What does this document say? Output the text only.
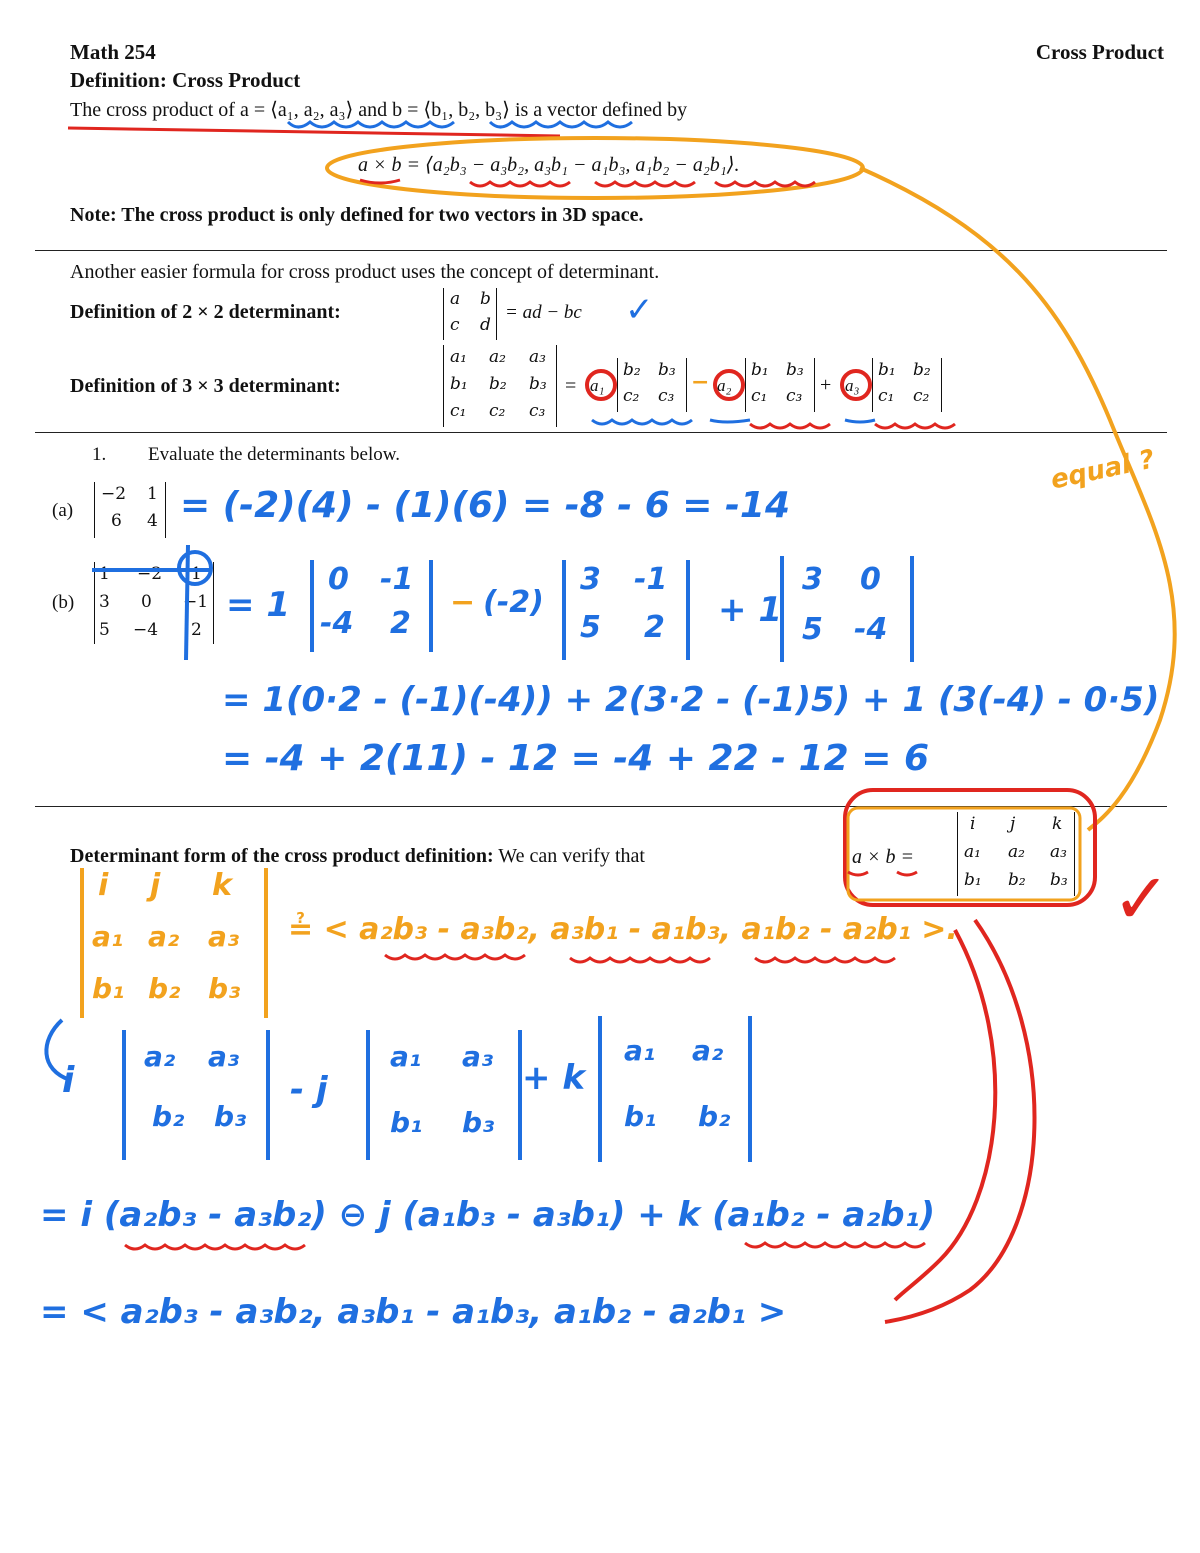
Math 254	Cross Product
Definition: Cross Product
The cross product of a = ⟨a₁, a₂, a₃⟩ and b = ⟨b₁, b₂, b₃⟩ is a vector defined by
a × b = ⟨a₂b₃ − a₃b₂, a₃b₁ − a₁b₃, a₁b₂ − a₂b₁⟩.
Note: The cross product is only defined for two vectors in 3D space.
Another easier formula for cross product uses the concept of determinant.
Definition of 2 × 2 determinant:
a b
c d
= ad − bc ✓
Definition of 3 × 3 determinant:
a₁ a₂ a₃
b₁ b₂ b₃
c₁ c₂ c₃
= a₁
b₂ b₃
c₂ c₃
− a₂
b₁ b₃
c₁ c₃ + a₃
b₁ b₂
c₁ c₂
1. Evaluate the determinants below.
(a)
−2 1
6 4 = (-2)(4) - (1)(6) = -8 - 6 = -14
(b)
1 −2 1
3 0 −1
5 −4 2
= 1
0 -1
-4 2
− (-2)
3 -1
5 2 + 1
3 0
5 -4
= 1(0·2 - (-1)(-4)) + 2(3·2 - (-1)5) + 1 (3(-4) - 0·5)
= -4 + 2(11) - 12 = -4 + 22 - 12 = 6
equal ?
Determinant form of the cross product definition: We can verify that	a × b =
i j k
a₁ a₂ a₃
b₁ b₂ b₃ ✓
i j k
a₁ a₂ a₃
b₁ b₂ b₃
≟ < a₂b₃ - a₃b₂, a₃b₁ - a₁b₃, a₁b₂ - a₂b₁ >.
i
a₂ a₃
b₂ b₃
- j
a₁ a₃
b₁ b₃
+ k
a₁ a₂
b₁ b₂
= i (a₂b₃ - a₃b₂) ⊖ j (a₁b₃ - a₃b₁) + k (a₁b₂ - a₂b₁)
= < a₂b₃ - a₃b₂, a₃b₁ - a₁b₃, a₁b₂ - a₂b₁ >
